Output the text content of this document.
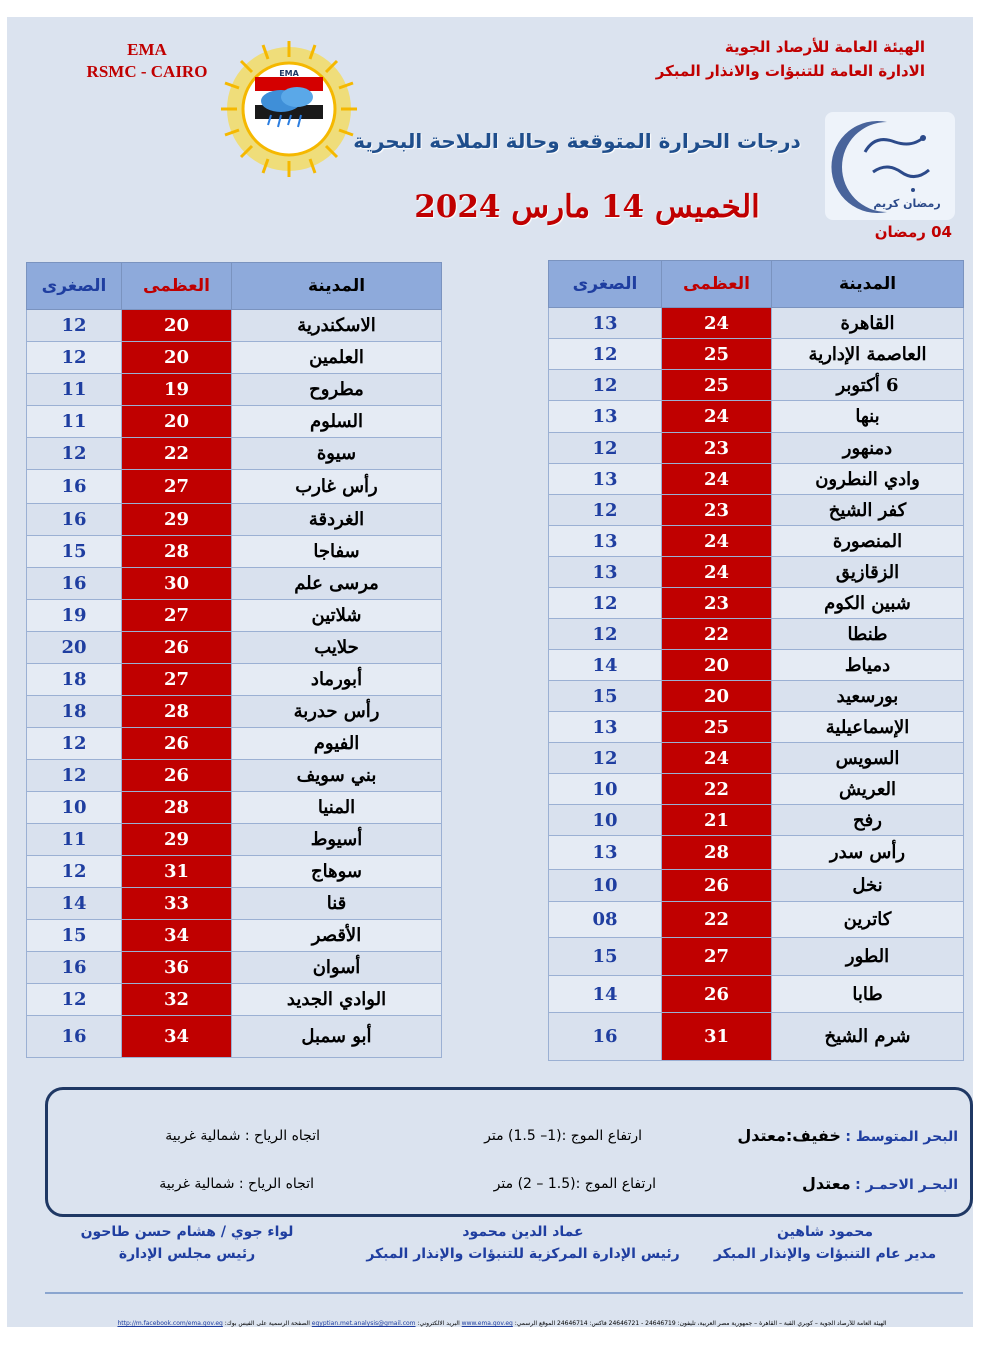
EMA
RSMC - CAIRO	EMA
الهيئة العامة للأرصاد الجوية
الادارة العامة للتنبؤات والانذار المبكر
رمضان كريم
درجات الحرارة المتوقعة وحالة الملاحة البحرية
الخميس 14 مارس 2024
04 رمضان
المدينة	العظمى	الصغرى
القاهرة	24	13
العاصمة الإدارية	25	12
6 أكتوبر	25	12
بنها	24	13
دمنهور	23	12
وادي النطرون	24	13
كفر الشيخ	23	12
المنصورة	24	13
الزقازيق	24	13
شبين الكوم	23	12
طنطا	22	12
دمياط	20	14
بورسعيد	20	15
الإسماعيلية	25	13
السويس	24	12
العريش	22	10
رفح	21	10
رأس سدر	28	13
نخل	26	10
كاترين	22	08
الطور	27	15
طابا	26	14
شرم الشيخ	31	16
المدينة	العظمى	الصغرى
الاسكندرية	20	12
العلمين	20	12
مطروح	19	11
السلوم	20	11
سيوة	22	12
رأس غارب	27	16
الغردقة	29	16
سفاجا	28	15
مرسى علم	30	16
شلاتين	27	19
حلايب	26	20
أبورماد	27	18
رأس حدربة	28	18
الفيوم	26	12
بني سويف	26	12
المنيا	28	10
أسيوط	29	11
سوهاج	31	12
قنا	33	14
الأقصر	34	15
أسوان	36	16
الوادي الجديد	32	12
أبو سمبل	34	16
البحر المتوسط : خفيف:معتدل
ارتفاع الموج :(1– 1.5) متر
اتجاه الرياح : شمالية غربية
البحـر الاحمـر : معتدل
ارتفاع الموج :(1.5 – 2) متر
اتجاه الرياح : شمالية غربية
محمود شاهين
مدير عام التنبؤات والإنذار المبكر
عماد الدين محمود
رئيس الإدارة المركزية للتنبؤات والإنذار المبكر
لواء جوي / هشام حسن طاحون
رئيس مجلس الإدارة
الهيئة العامة للأرصاد الجوية – كوبري القبة – القاهرة – جمهورية مصر العربية، تليفون: 24646719 - 24646721 فاكس: 24646714 الموقع الرسمي: www.ema.gov.eg البريد الالكتروني: egyptian.met.analysis@gmail.com الصفحة الرسمية على الفيس بوك: http://m.facebook.com/ema.gov.eg
